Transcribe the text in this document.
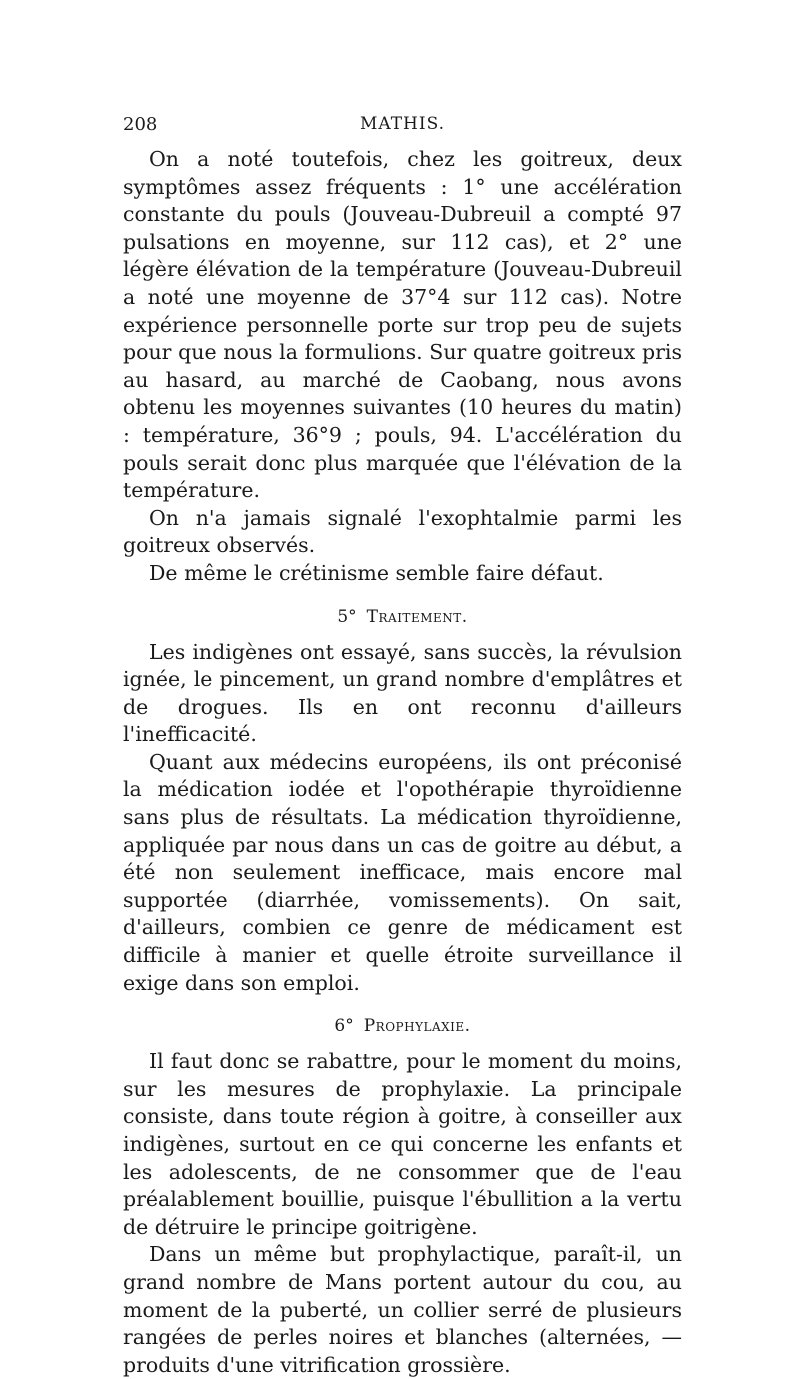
208	MATHIS.

On a noté toutefois, chez les goitreux, deux symptômes assez fréquents : 1° une accélération constante du pouls (Jouveau-Dubreuil a compté 97 pulsations en moyenne, sur 112 cas), et 2° une légère élévation de la température (Jouveau-Dubreuil a noté une moyenne de 37°4 sur 112 cas). Notre expérience personnelle porte sur trop peu de sujets pour que nous la formulions. Sur quatre goitreux pris au hasard, au marché de Caobang, nous avons obtenu les moyennes suivantes (10 heures du matin) : température, 36°9 ; pouls, 94. L'accélération du pouls serait donc plus marquée que l'élévation de la température.

On n'a jamais signalé l'exophtalmie parmi les goitreux observés.

De même le crétinisme semble faire défaut.

5° Traitement.

Les indigènes ont essayé, sans succès, la révulsion ignée, le pincement, un grand nombre d'emplâtres et de drogues. Ils en ont reconnu d'ailleurs l'inefficacité.

Quant aux médecins européens, ils ont préconisé la médication iodée et l'opothérapie thyroïdienne sans plus de résultats. La médication thyroïdienne, appliquée par nous dans un cas de goitre au début, a été non seulement inefficace, mais encore mal supportée (diarrhée, vomissements). On sait, d'ailleurs, combien ce genre de médicament est difficile à manier et quelle étroite surveillance il exige dans son emploi.

6° Prophylaxie.

Il faut donc se rabattre, pour le moment du moins, sur les mesures de prophylaxie. La principale consiste, dans toute région à goitre, à conseiller aux indigènes, surtout en ce qui concerne les enfants et les adolescents, de ne consommer que de l'eau préalablement bouillie, puisque l'ébullition a la vertu de détruire le principe goitrigène.

Dans un même but prophylactique, paraît-il, un grand nombre de Mans portent autour du cou, au moment de la puberté, un collier serré de plusieurs rangées de perles noires et blanches (alternées, — produits d'une vitrification grossière.
